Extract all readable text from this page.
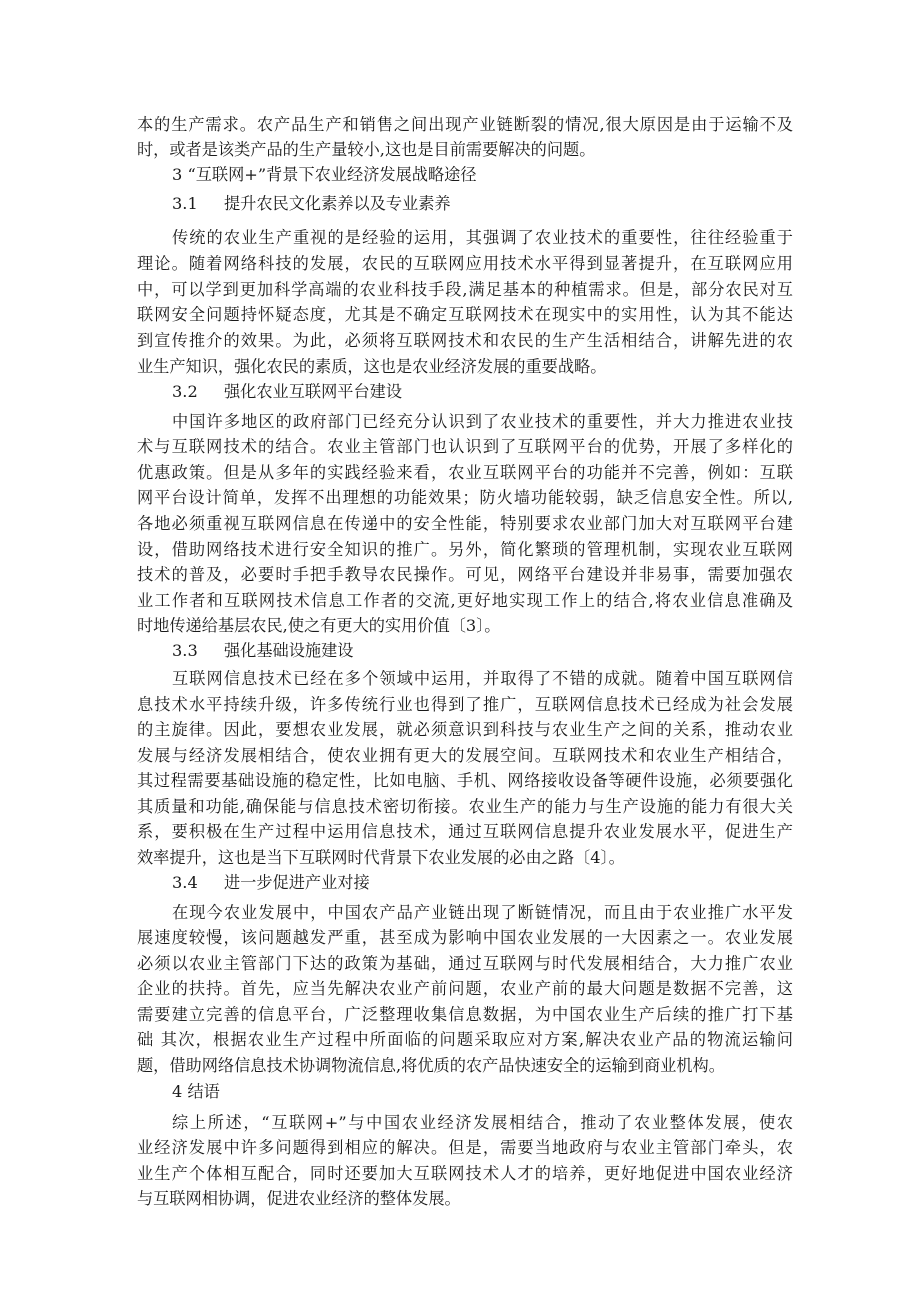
本的生产需求。农产品生产和销售之间出现产业链断裂的情况,很大原因是由于运输不及
时，或者是该类产品的生产量较小,这也是目前需要解决的问题。
3 “互联网+”背景下农业经济发展战略途径
3.1 提升农民文化素养以及专业素养
传统的农业生产重视的是经验的运用，其强调了农业技术的重要性，往往经验重于
理论。随着网络科技的发展，农民的互联网应用技术水平得到显著提升，在互联网应用
中，可以学到更加科学高端的农业科技手段,满足基本的种植需求。但是，部分农民对互
联网安全问题持怀疑态度，尤其是不确定互联网技术在现实中的实用性，认为其不能达
到宣传推介的效果。为此，必须将互联网技术和农民的生产生活相结合，讲解先进的农
业生产知识，强化农民的素质，这也是农业经济发展的重要战略。
3.2 强化农业互联网平台建设
中国许多地区的政府部门已经充分认识到了农业技术的重要性，并大力推进农业技
术与互联网技术的结合。农业主管部门也认识到了互联网平台的优势，开展了多样化的
优惠政策。但是从多年的实践经验来看，农业互联网平台的功能并不完善，例如：互联
网平台设计简单，发挥不出理想的功能效果；防火墙功能较弱，缺乏信息安全性。所以,
各地必须重视互联网信息在传递中的安全性能，特别要求农业部门加大对互联网平台建
设，借助网络技术进行安全知识的推广。另外，简化繁琐的管理机制，实现农业互联网
技术的普及，必要时手把手教导农民操作。可见，网络平台建设并非易事，需要加强农
业工作者和互联网技术信息工作者的交流,更好地实现工作上的结合,将农业信息准确及
时地传递给基层农民,使之有更大的实用价值〔3〕。
3.3 强化基础设施建设
互联网信息技术已经在多个领域中运用，并取得了不错的成就。随着中国互联网信
息技术水平持续升级，许多传统行业也得到了推广，互联网信息技术已经成为社会发展
的主旋律。因此，要想农业发展，就必须意识到科技与农业生产之间的关系，推动农业
发展与经济发展相结合，使农业拥有更大的发展空间。互联网技术和农业生产相结合，
其过程需要基础设施的稳定性，比如电脑、手机、网络接收设备等硬件设施，必须要强化
其质量和功能,确保能与信息技术密切衔接。农业生产的能力与生产设施的能力有很大关
系，要积极在生产过程中运用信息技术，通过互联网信息提升农业发展水平，促进生产
效率提升，这也是当下互联网时代背景下农业发展的必由之路〔4〕。
3.4 进一步促进产业对接
在现今农业发展中，中国农产品产业链出现了断链情况，而且由于农业推广水平发
展速度较慢，该问题越发严重，甚至成为影响中国农业发展的一大因素之一。农业发展
必须以农业主管部门下达的政策为基础，通过互联网与时代发展相结合，大力推广农业
企业的扶持。首先，应当先解决农业产前问题，农业产前的最大问题是数据不完善，这
需要建立完善的信息平台，广泛整理收集信息数据，为中国农业生产后续的推广打下基
础 其次，根据农业生产过程中所面临的问题采取应对方案,解决农业产品的物流运输问
题，借助网络信息技术协调物流信息,将优质的农产品快速安全的运输到商业机构。
4 结语
综上所述，“互联网+”与中国农业经济发展相结合，推动了农业整体发展，使农
业经济发展中许多问题得到相应的解决。但是，需要当地政府与农业主管部门牵头，农
业生产个体相互配合，同时还要加大互联网技术人才的培养，更好地促进中国农业经济
与互联网相协调，促进农业经济的整体发展。
